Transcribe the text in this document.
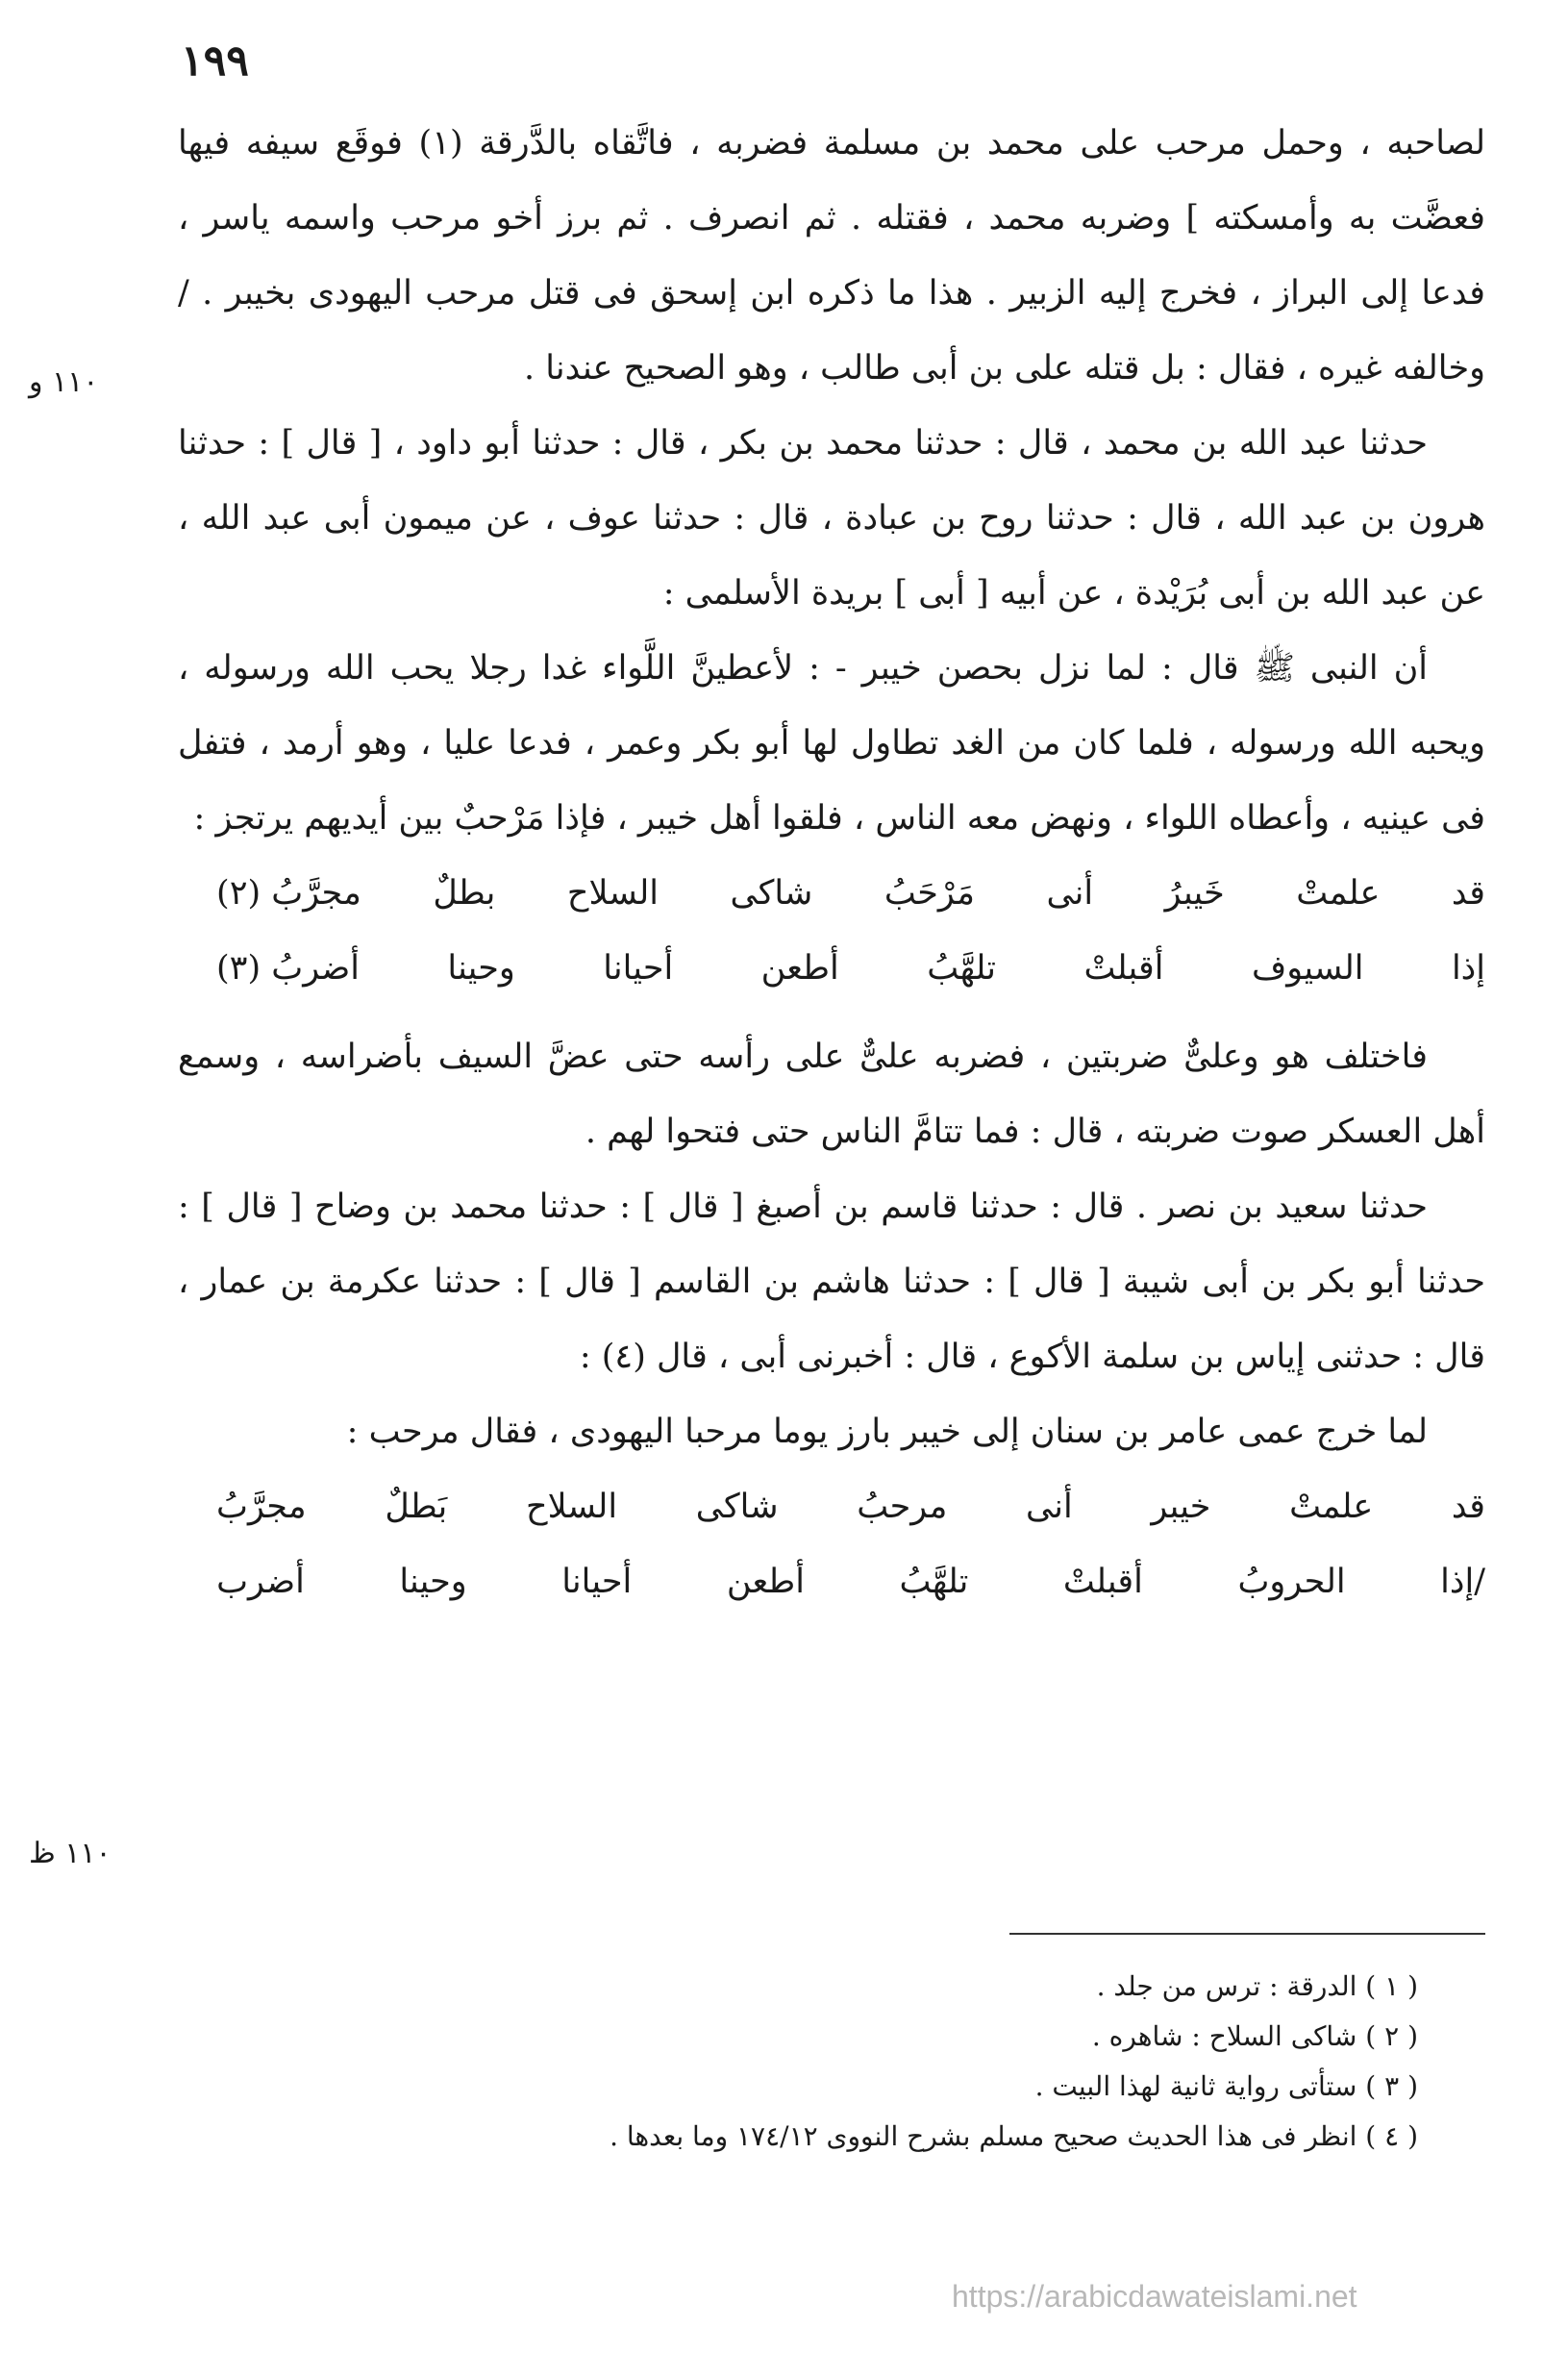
١٩٩

لصاحبه ، وحمل مرحب على محمد بن مسلمة فضربه ، فاتَّقاه بالدَّرقة (١) فوقَع سيفه فيها فعضَّت به وأمسكته ] وضربه محمد ، فقتله . ثم انصرف . ثم برز أخو مرحب واسمه ياسر ، فدعا إلى البراز ، فخرج إليه الزبير . هذا ما ذكره ابن إسحق فى قتل مرحب اليهودى بخيبر . / وخالفه غيره ، فقال : بل قتله على بن أبى طالب ، وهو الصحيح عندنا .

حدثنا عبد الله بن محمد ، قال : حدثنا محمد بن بكر ، قال : حدثنا أبو داود ، [ قال ] : حدثنا هرون بن عبد الله ، قال : حدثنا روح بن عبادة ، قال : حدثنا عوف ، عن ميمون أبى عبد الله ، عن عبد الله بن أبى بُرَيْدة ، عن أبيه [ أبى ] بريدة الأسلمى :

أن النبى ﷺ قال : لما نزل بحصن خيبر - : لأعطينَّ اللَّواء غدا رجلا يحب الله ورسوله ، ويحبه الله ورسوله ، فلما كان من الغد تطاول لها أبو بكر وعمر ، فدعا عليا ، وهو أرمد ، فتفل فى عينيه ، وأعطاه اللواء ، ونهض معه الناس ، فلقوا أهل خيبر ، فإذا مَرْحبٌ بين أيديهم يرتجز :

قد
علمتْ
خَيبرُ
أنى
مَرْحَبُ
شاكى
السلاح
بطلٌ
مجرَّبُ (٢)
إذا
السيوف
أقبلتْ
تلهَّبُ
أطعن
أحيانا
وحينا
أضربُ (٣)

فاختلف هو وعلىٌّ ضربتين ، فضربه علىٌّ على رأسه حتى عضَّ السيف بأضراسه ، وسمع أهل العسكر صوت ضربته ، قال : فما تتامَّ الناس حتى فتحوا لهم .

حدثنا سعيد بن نصر . قال : حدثنا قاسم بن أصبغ [ قال ] : حدثنا محمد بن وضاح [ قال ] : حدثنا أبو بكر بن أبى شيبة [ قال ] : حدثنا هاشم بن القاسم [ قال ] : حدثنا عكرمة بن عمار ، قال : حدثنى إياس بن سلمة الأكوع ، قال : أخبرنى أبى ، قال (٤) :

لما خرج عمى عامر بن سنان إلى خيبر بارز يوما مرحبا اليهودى ، فقال مرحب :

قد
علمتْ
خيبر
أنى
مرحبُ
شاكى
السلاح
بَطلٌ
مجرَّبُ
/إذا
الحروبُ
أقبلتْ
تلهَّبُ
أطعن
أحيانا
وحينا
أضرب
١١٠ و
١١٠ ظ

( ١ ) الدرقة : ترس من جلد .

( ٢ ) شاكى السلاح : شاهره .

( ٣ ) ستأتى رواية ثانية لهذا البيت .

( ٤ ) انظر فى هذا الحديث صحيح مسلم بشرح النووى ١٧٤/١٢ وما بعدها .

https://arabicdawateislami.net
